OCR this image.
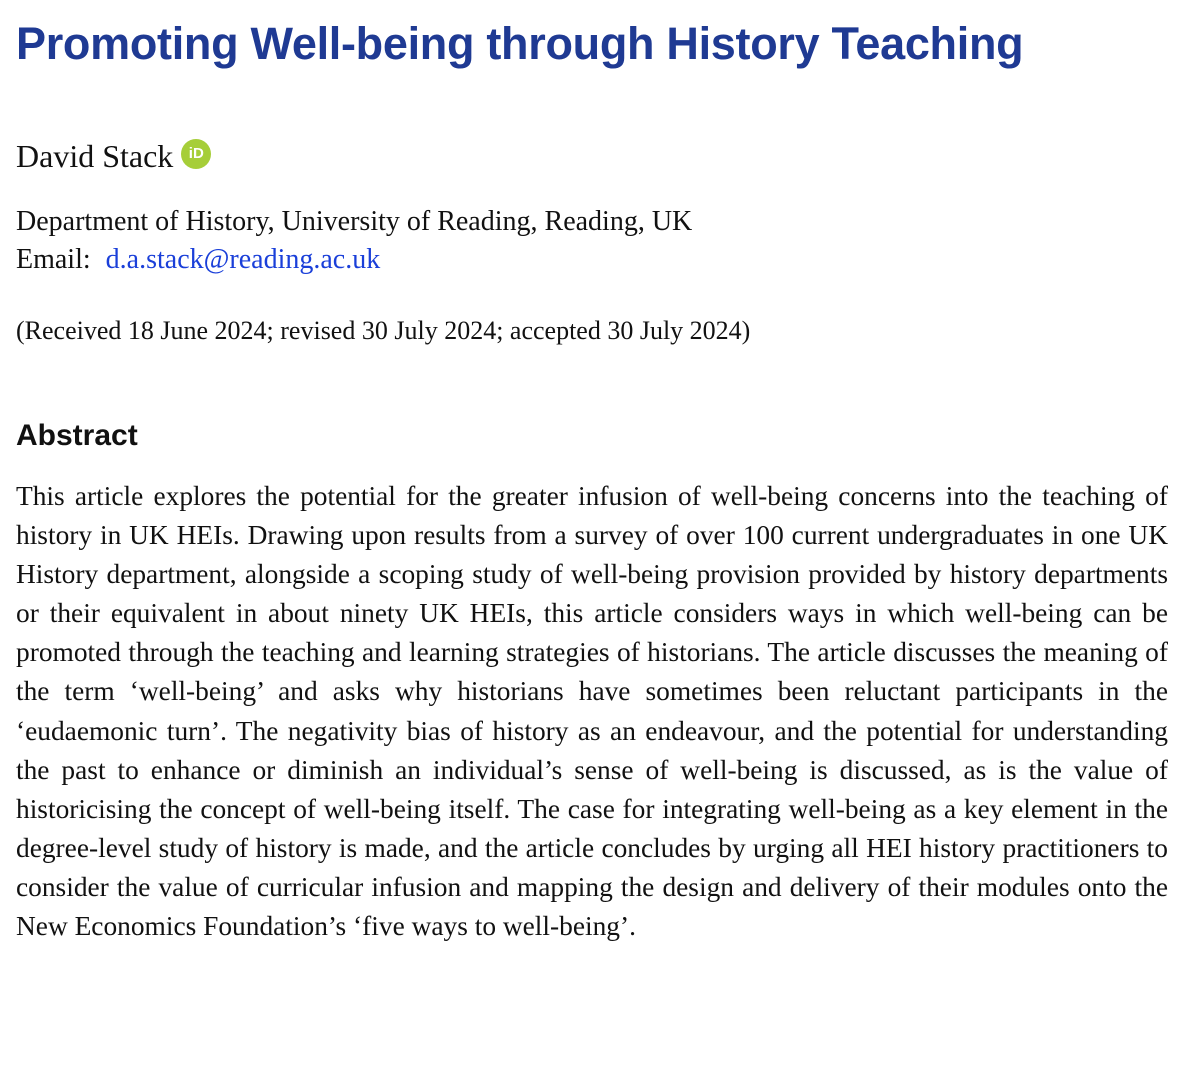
Promoting Well-being through History Teaching
David Stack	iD
Department of History, University of Reading, Reading, UK
Email: d.a.stack@reading.ac.uk
(Received 18 June 2024; revised 30 July 2024; accepted 30 July 2024)
Abstract

This article explores the potential for the greater infusion of well-being concerns into the teaching of history in UK HEIs. Drawing upon results from a survey of over 100 current undergraduates in one UK History department, alongside a scoping study of well-being provision provided by history departments or their equivalent in about ninety UK HEIs, this article considers ways in which well-being can be promoted through the teaching and learning strategies of historians. The article discusses the meaning of the term ‘well-being’ and asks why historians have sometimes been reluctant participants in the ‘eudaemonic turn’. The negativity bias of history as an endeavour, and the potential for understanding the past to enhance or diminish an individual’s sense of well-being is discussed, as is the value of historicising the concept of well-being itself. The case for integrating well-being as a key element in the degree-level study of history is made, and the article concludes by urging all HEI history practitioners to consider the value of curricular infusion and mapping the design and delivery of their modules onto the New Economics Foundation’s ‘five ways to well-being’.
